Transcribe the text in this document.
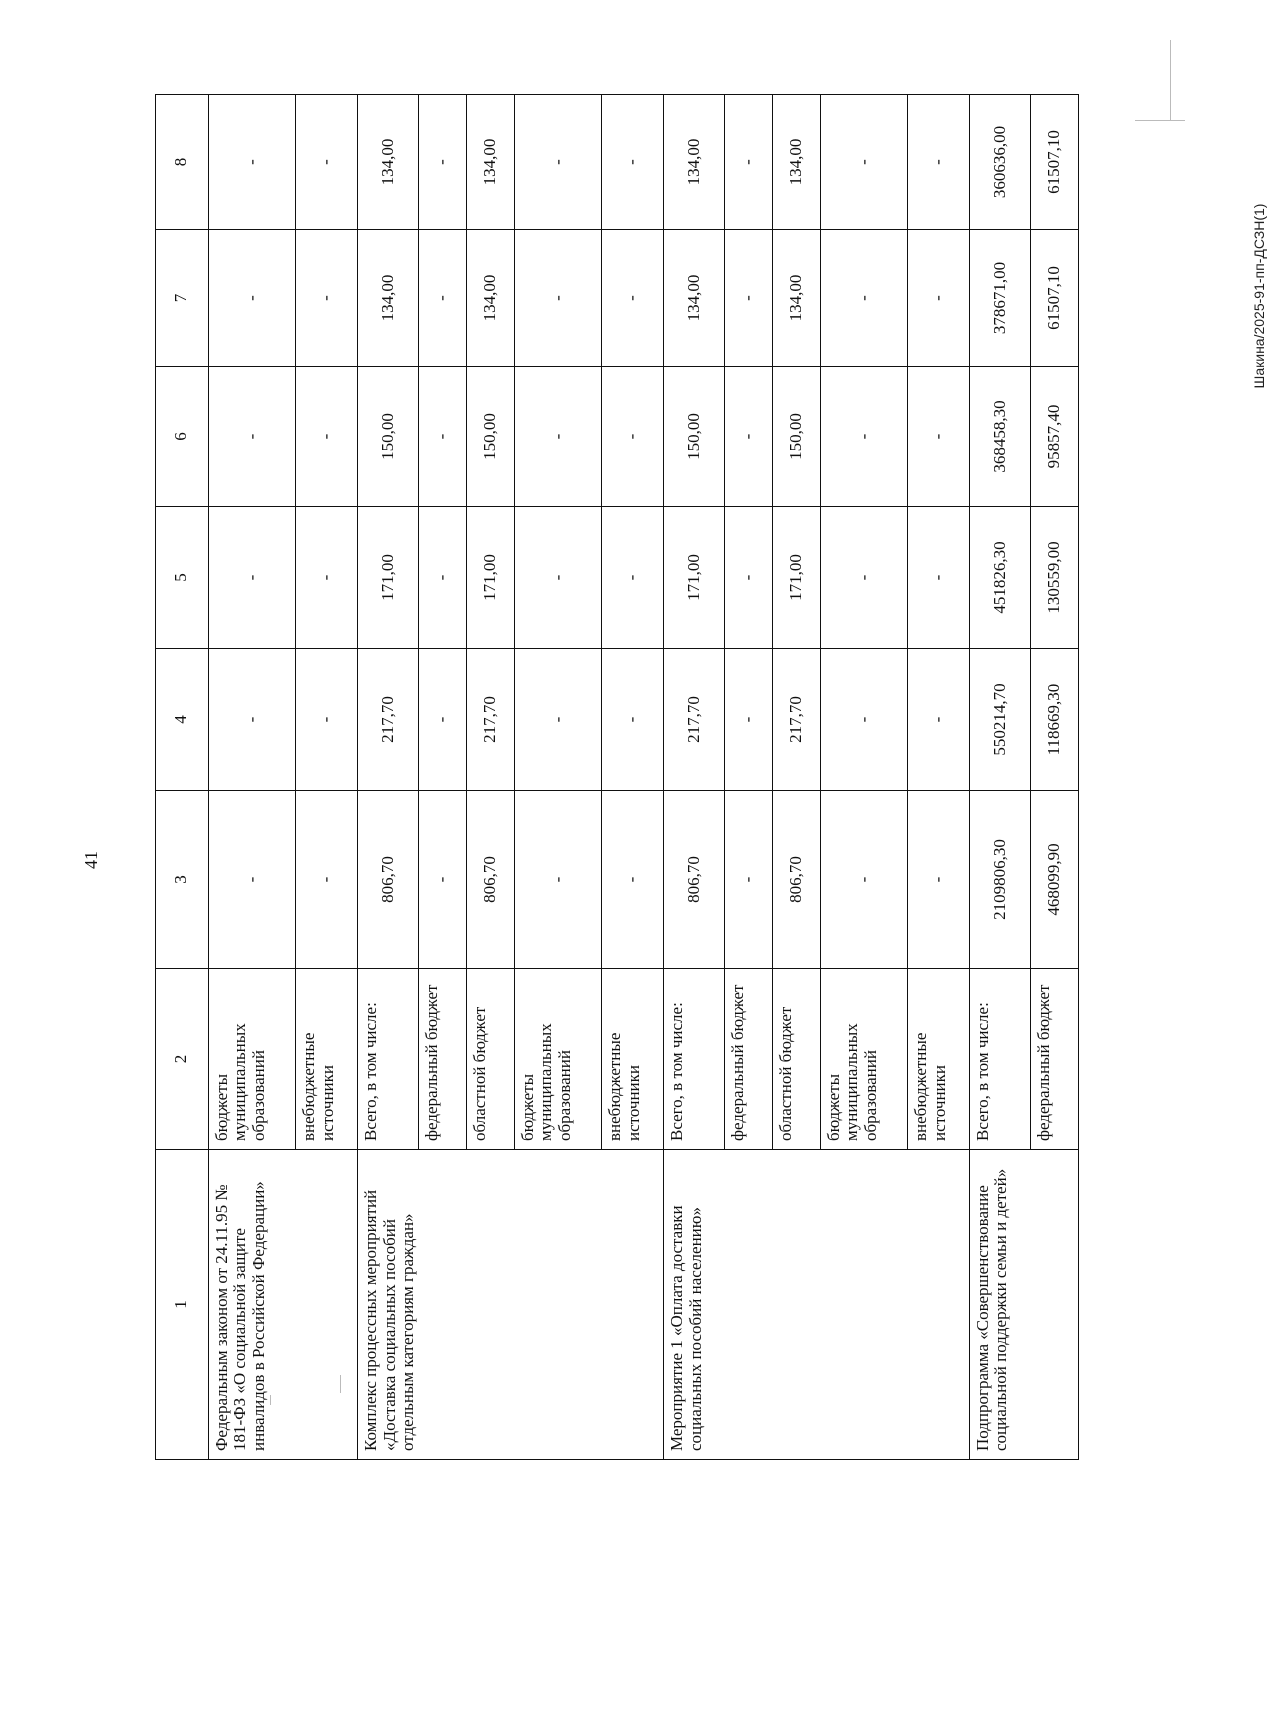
41
Шакина/2025-91-пп-ДСЗН(1)
1	2	3	4	5	6	7	8
Федеральным законом от 24.11.95 № 181-ФЗ «О социальной защите инвалидов в Российской Федерации»	бюджеты муниципальных образований	-	-	-	-	-	-
	внебюджетные источники	-	-	-	-	-	-
Комплекс процессных мероприятий «Доставка социальных пособий отдельным категориям граждан»	Всего, в том числе:	806,70	217,70	171,00	150,00	134,00	134,00
	федеральный бюджет	-	-	-	-	-	-
	областной бюджет	806,70	217,70	171,00	150,00	134,00	134,00
	бюджеты муниципальных образований	-	-	-	-	-	-
	внебюджетные источники	-	-	-	-	-	-
Мероприятие 1 «Оплата доставки социальных пособий населению»	Всего, в том числе:	806,70	217,70	171,00	150,00	134,00	134,00
	федеральный бюджет	-	-	-	-	-	-
	областной бюджет	806,70	217,70	171,00	150,00	134,00	134,00
	бюджеты муниципальных образований	-	-	-	-	-	-
	внебюджетные источники	-	-	-	-	-	-
Подпрограмма «Совершенствование социальной поддержки семьи и детей»	Всего, в том числе:	2109806,30	550214,70	451826,30	368458,30	378671,00	360636,00
	федеральный бюджет	468099,90	118669,30	130559,00	95857,40	61507,10	61507,10
